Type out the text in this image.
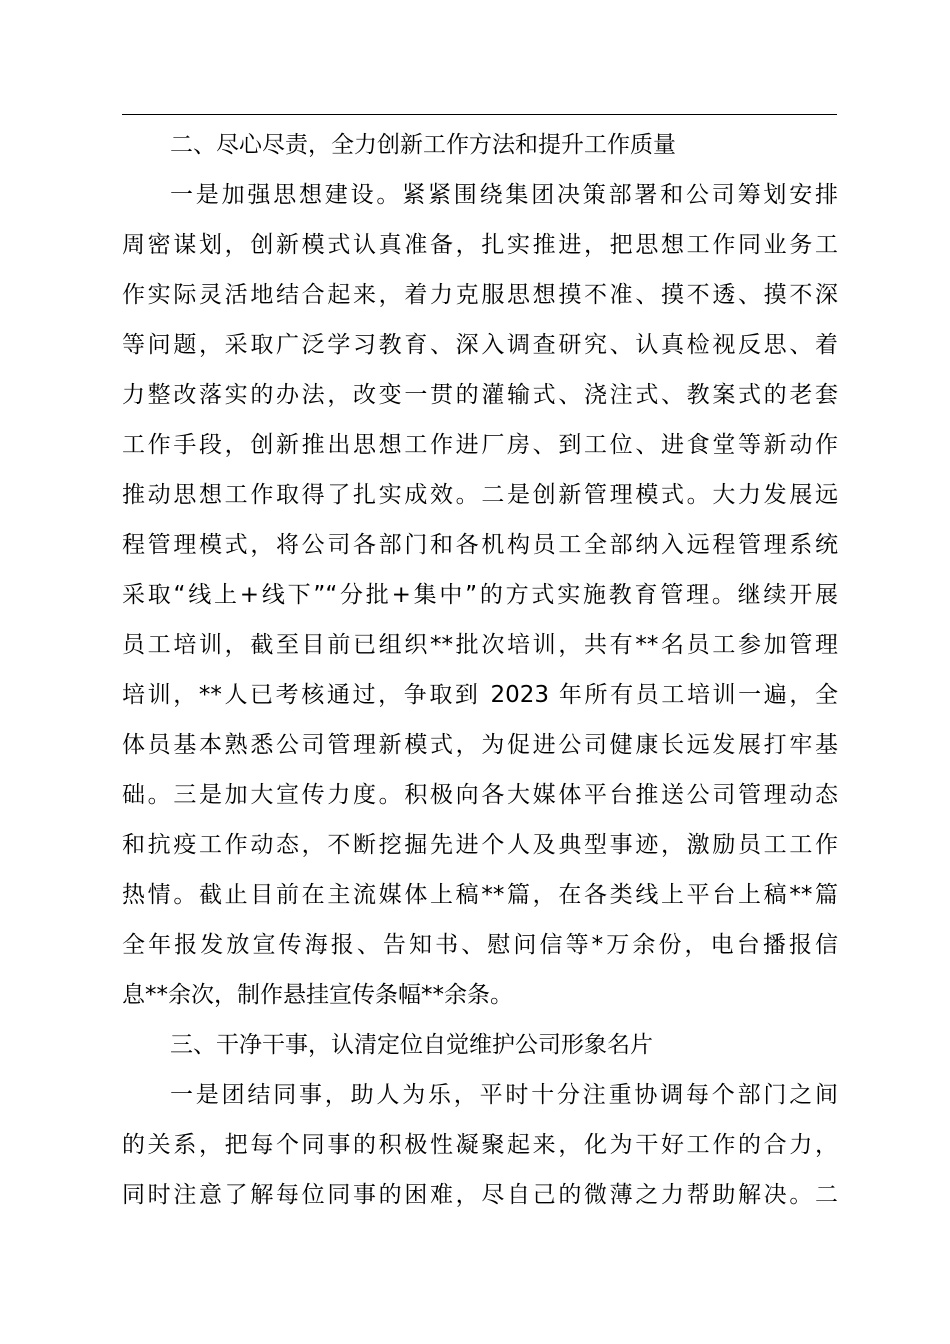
二、尽心尽责，全力创新工作方法和提升工作质量
一是加强思想建设。紧紧围绕集团决策部署和公司筹划安排
周密谋划，创新模式认真准备，扎实推进，把思想工作同业务工
作实际灵活地结合起来，着力克服思想摸不准、摸不透、摸不深
等问题，采取广泛学习教育、深入调查研究、认真检视反思、着
力整改落实的办法，改变一贯的灌输式、浇注式、教案式的老套
工作手段，创新推出思想工作进厂房、到工位、进食堂等新动作
推动思想工作取得了扎实成效。二是创新管理模式。大力发展远
程管理模式，将公司各部门和各机构员工全部纳入远程管理系统
采取“线上+线下”“分批+集中”的方式实施教育管理。继续开展
员工培训，截至目前已组织**批次培训，共有**名员工参加管理
培训，**人已考核通过，争取到 2023 年所有员工培训一遍，全
体员基本熟悉公司管理新模式，为促进公司健康长远发展打牢基
础。三是加大宣传力度。积极向各大媒体平台推送公司管理动态
和抗疫工作动态，不断挖掘先进个人及典型事迹，激励员工工作
热情。截止目前在主流媒体上稿**篇，在各类线上平台上稿**篇
全年报发放宣传海报、告知书、慰问信等*万余份，电台播报信
息**余次，制作悬挂宣传条幅**余条。
三、干净干事，认清定位自觉维护公司形象名片
一是团结同事，助人为乐，平时十分注重协调每个部门之间
的关系，把每个同事的积极性凝聚起来，化为干好工作的合力，
同时注意了解每位同事的困难，尽自己的微薄之力帮助解决。二
